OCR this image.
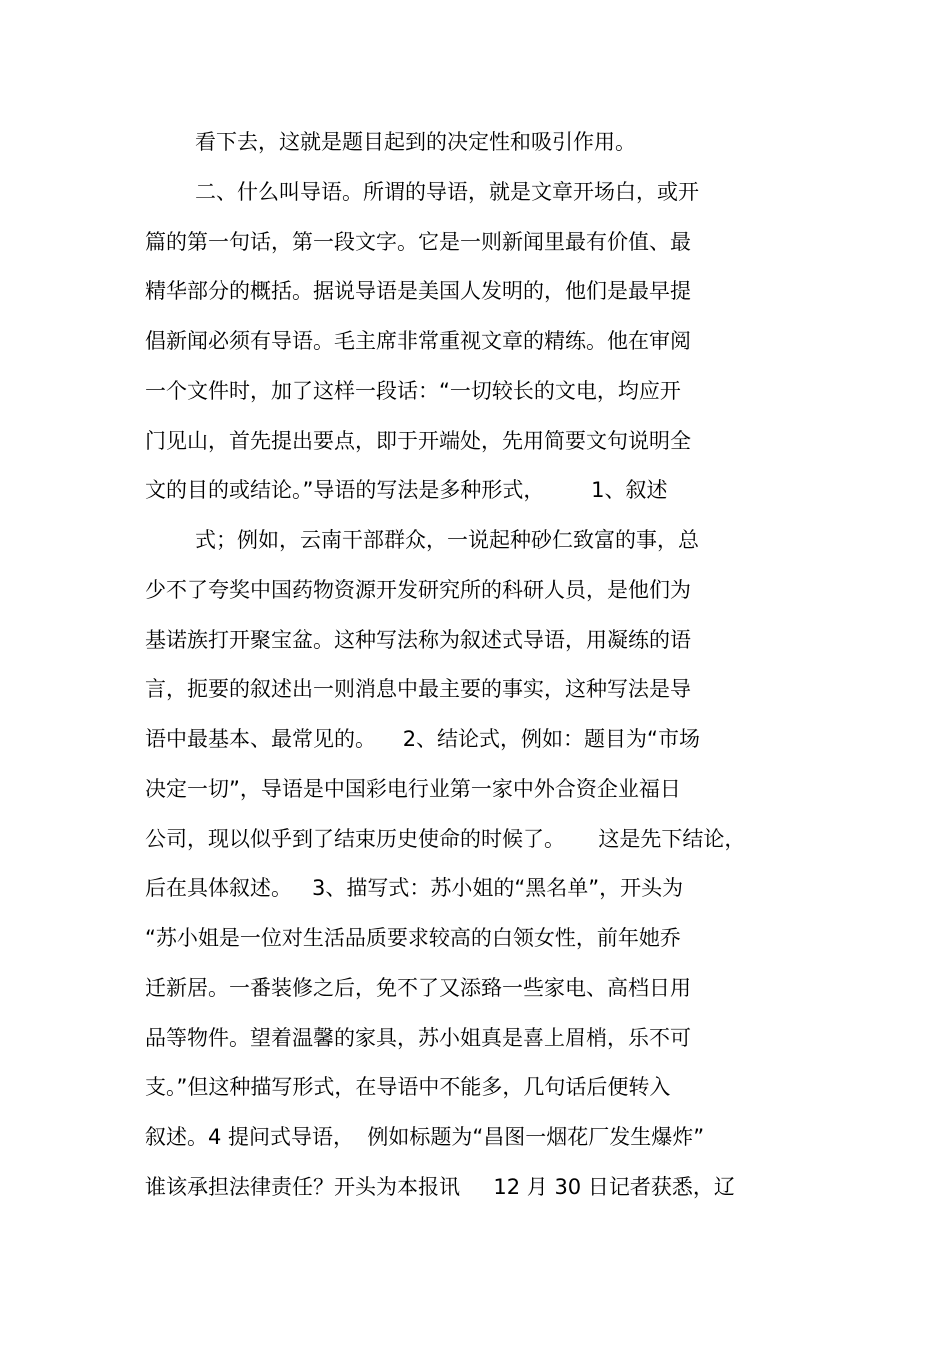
看下去，这就是题目起到的决定性和吸引作用。
二、什么叫导语。所谓的导语，就是文章开场白，或开
篇的第一句话，第一段文字。它是一则新闻里最有价值、最
精华部分的概括。据说导语是美国人发明的，他们是最早提
倡新闻必须有导语。毛主席非常重视文章的精练。他在审阅
一个文件时，加了这样一段话：“一切较长的文电，均应开
门见山，首先提出要点，即于开端处，先用简要文句说明全
文的目的或结论。”导语的写法是多种形式，       1、叙述
式；例如，云南干部群众，一说起种砂仁致富的事，总
少不了夸奖中国药物资源开发研究所的科研人员，是他们为
基诺族打开聚宝盆。这种写法称为叙述式导语，用凝练的语
言，扼要的叙述出一则消息中最主要的事实，这种写法是导
语中最基本、最常见的。    2、结论式，例如：题目为“市场
决定一切”，导语是中国彩电行业第一家中外合资企业福日
公司，现以似乎到了结束历史使命的时候了。     这是先下结论，
后在具体叙述。   3、描写式：苏小姐的“黑名单”，开头为
“苏小姐是一位对生活品质要求较高的白领女性，前年她乔
迁新居。一番装修之后，免不了又添臵一些家电、高档日用
品等物件。望着温馨的家具，苏小姐真是喜上眉梢，乐不可
支。”但这种描写形式，在导语中不能多，几句话后便转入
叙述。4 提问式导语，  例如标题为“昌图一烟花厂发生爆炸”
谁该承担法律责任？开头为本报讯     12 月 30 日记者获悉，辽
